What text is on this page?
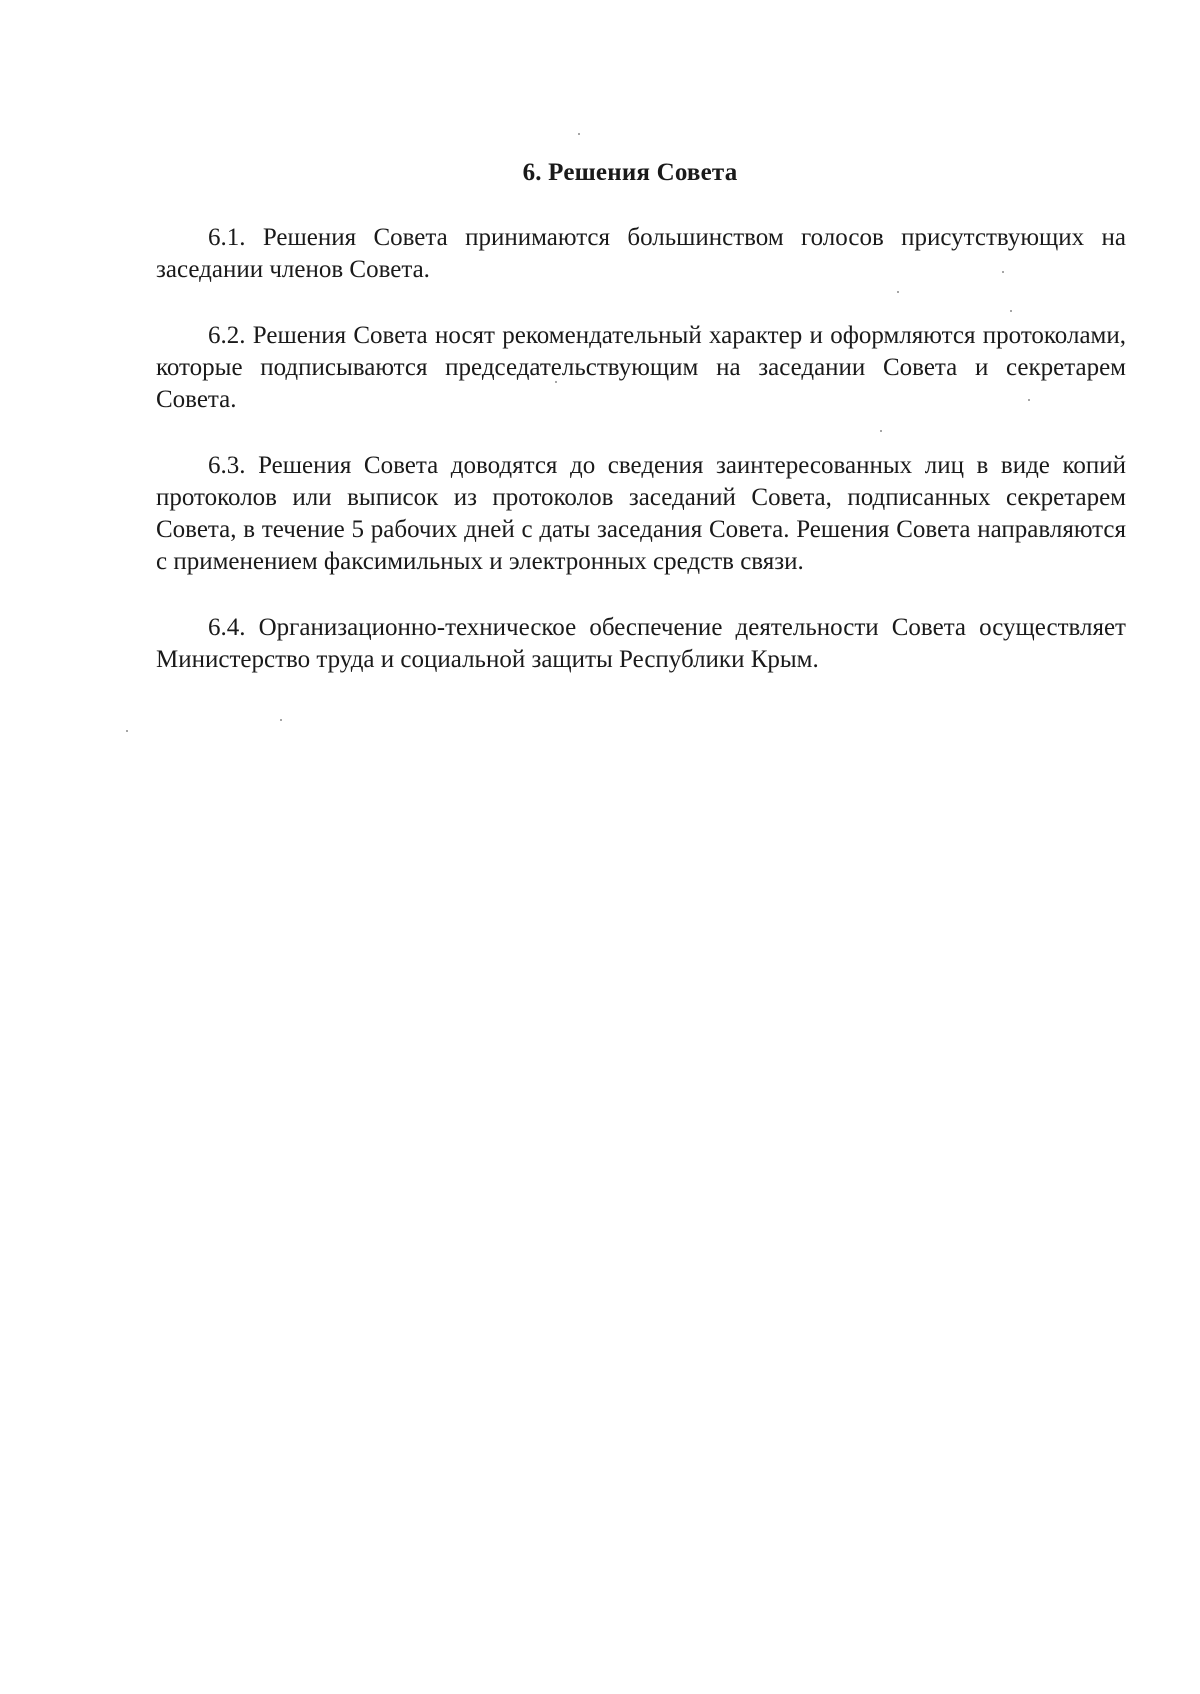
6. Решения Совета

6.1. Решения Совета принимаются большинством голосов присутствующих на заседании членов Совета.

6.2. Решения Совета носят рекомендательный характер и оформляются протоколами, которые подписываются председательствующим на заседании Совета и секретарем Совета.

6.3. Решения Совета доводятся до сведения заинтересованных лиц в виде копий протоколов или выписок из протоколов заседаний Совета, подписанных секретарем Совета, в течение 5 рабочих дней с даты заседания Совета. Решения Совета направляются с применением факсимильных и электронных средств связи.

6.4. Организационно-техническое обеспечение деятельности Совета осуществляет Министерство труда и социальной защиты Республики Крым.
